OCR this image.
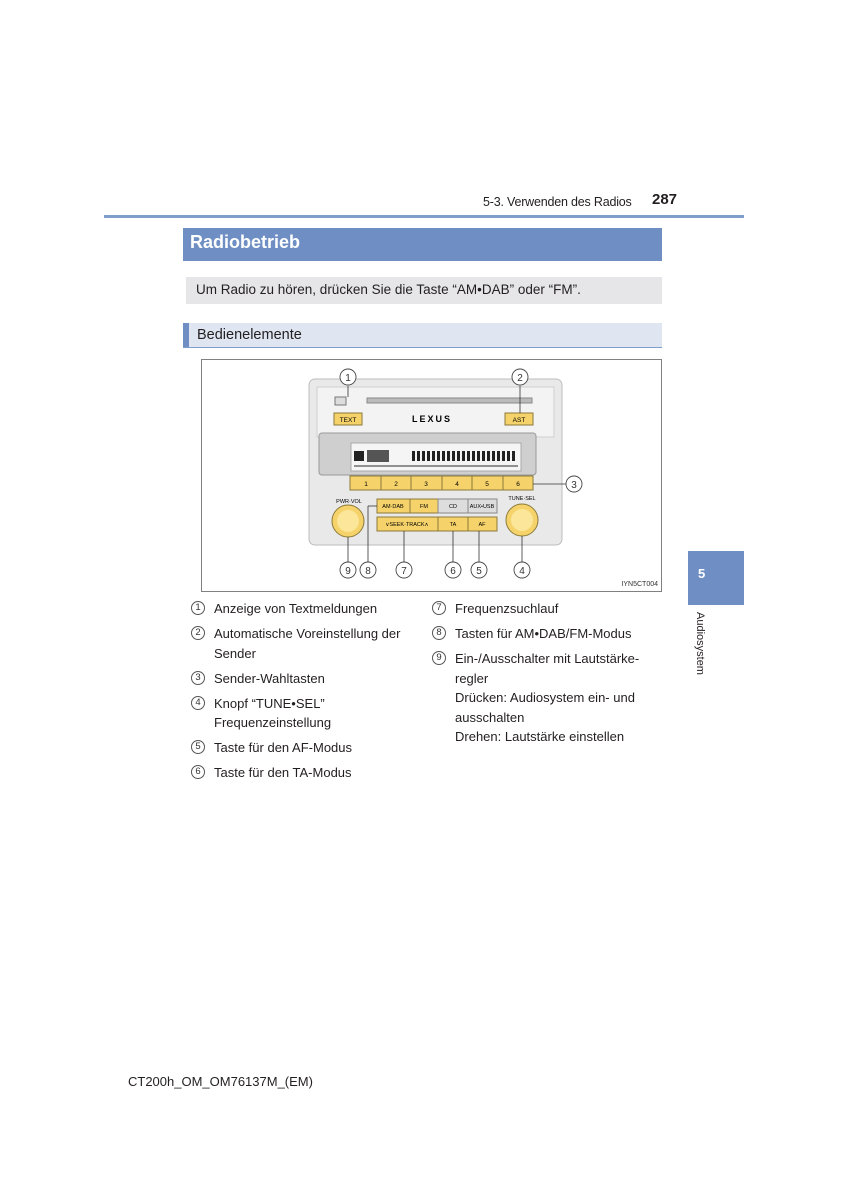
5-3. Verwenden des Radios 287
Radiobetrieb
Um Radio zu hören, drücken Sie die Taste “AM•DAB” oder “FM”.
Bedienelemente
TEXT	AST
LEXUS
1	2	3	4	5	6
AM·DAB	FM	CD AUX•USB
∨SEEK·TRACK∧	TA	AF
PWR·VOL	TUNE·SEL
1	2
3
4
5
6
7
8
9
IYN5CT004
1	Anzeige von Textmeldungen
2	Automatische Voreinstellung der
Sender
3	Sender-Wahltasten
4	Knopf “TUNE•SEL”
Frequenzeinstellung
5	Taste für den AF-Modus
6	Taste für den TA-Modus
7	Frequenzsuchlauf
8	Tasten für AM•DAB/FM-Modus
9	Ein-/Ausschalter mit Lautstärke-
regler
Drücken: Audiosystem ein- und
ausschalten
Drehen: Lautstärke einstellen
5
Audiosystem
CT200h_OM_OM76137M_(EM)
